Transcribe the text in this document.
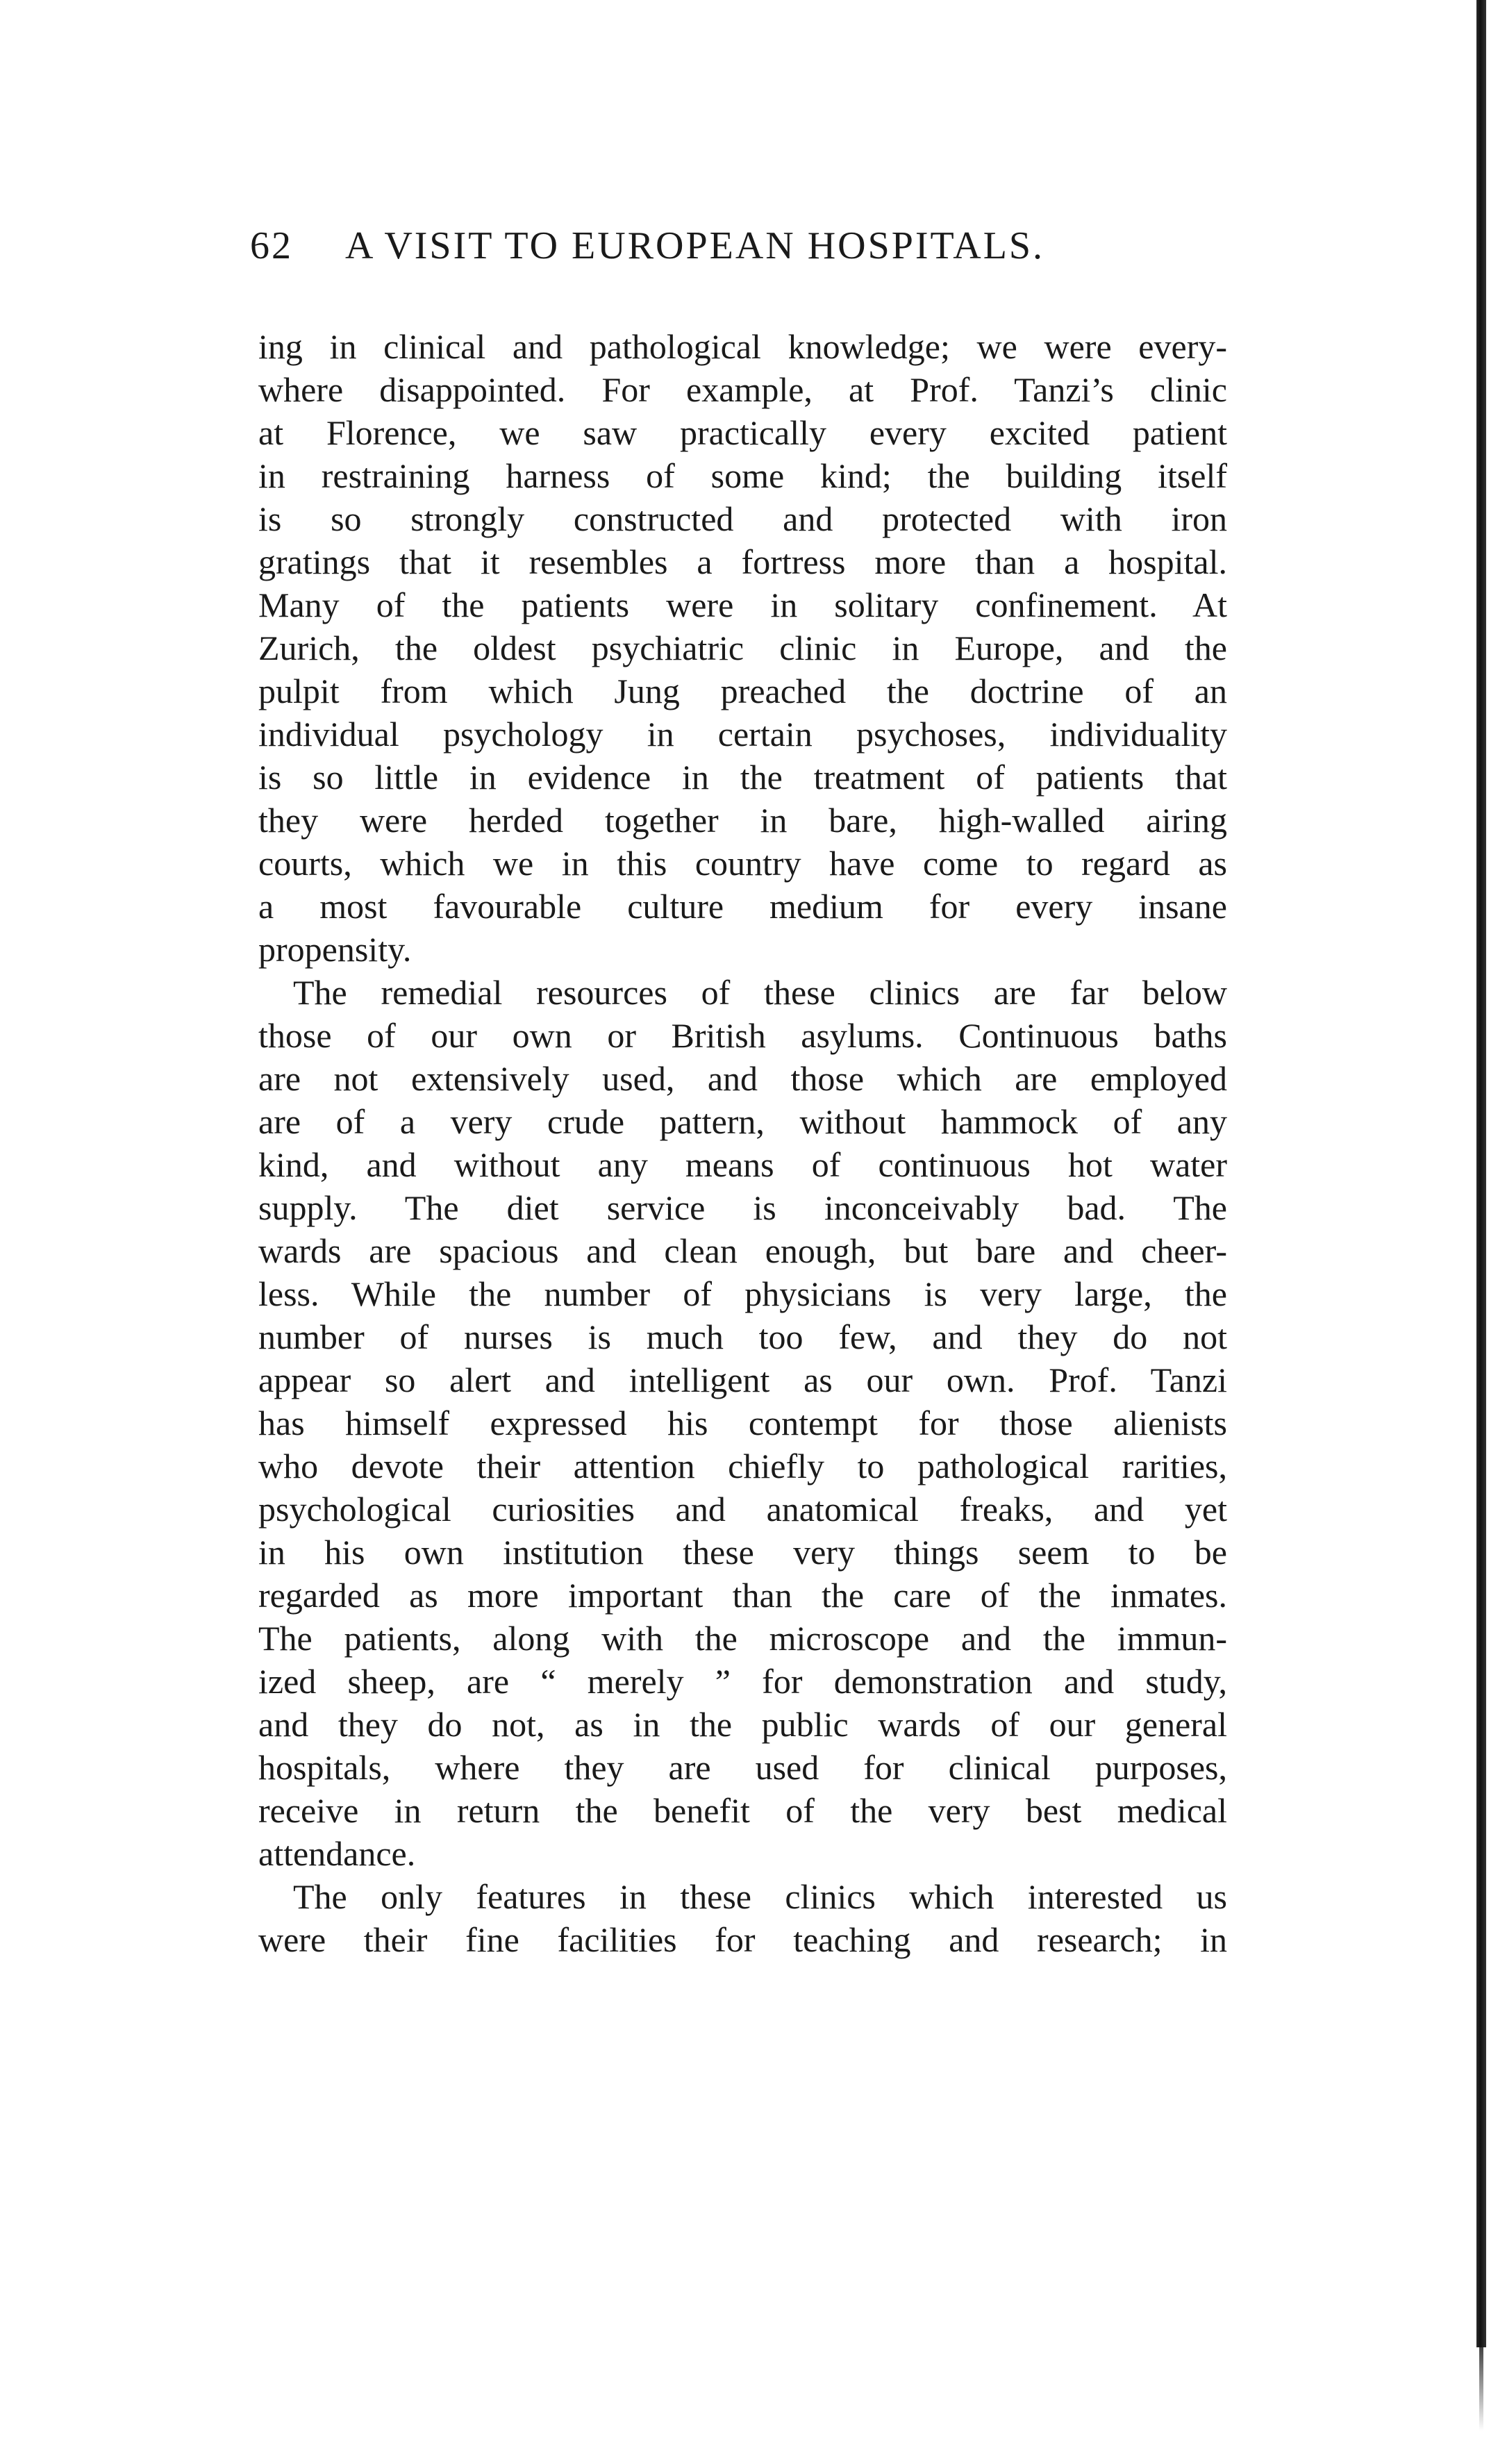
62 A VISIT TO EUROPEAN HOSPITALS.
ing in clinical and pathological knowledge; we were every-
where disappointed. For example, at Prof. Tanzi’s clinic
at Florence, we saw practically every excited patient
in restraining harness of some kind; the building itself
is so strongly constructed and protected with iron
gratings that it resembles a fortress more than a hospital.
Many of the patients were in solitary confinement. At
Zurich, the oldest psychiatric clinic in Europe, and the
pulpit from which Jung preached the doctrine of an
individual psychology in certain psychoses, individuality
is so little in evidence in the treatment of patients that
they were herded together in bare, high-walled airing
courts, which we in this country have come to regard as
a most favourable culture medium for every insane
propensity.
The remedial resources of these clinics are far below
those of our own or British asylums. Continuous baths
are not extensively used, and those which are employed
are of a very crude pattern, without hammock of any
kind, and without any means of continuous hot water
supply. The diet service is inconceivably bad. The
wards are spacious and clean enough, but bare and cheer-
less. While the number of physicians is very large, the
number of nurses is much too few, and they do not
appear so alert and intelligent as our own. Prof. Tanzi
has himself expressed his contempt for those alienists
who devote their attention chiefly to pathological rarities,
psychological curiosities and anatomical freaks, and yet
in his own institution these very things seem to be
regarded as more important than the care of the inmates.
The patients, along with the microscope and the immun-
ized sheep, are “ merely ” for demonstration and study,
and they do not, as in the public wards of our general
hospitals, where they are used for clinical purposes,
receive in return the benefit of the very best medical
attendance.
The only features in these clinics which interested us
were their fine facilities for teaching and research; in
